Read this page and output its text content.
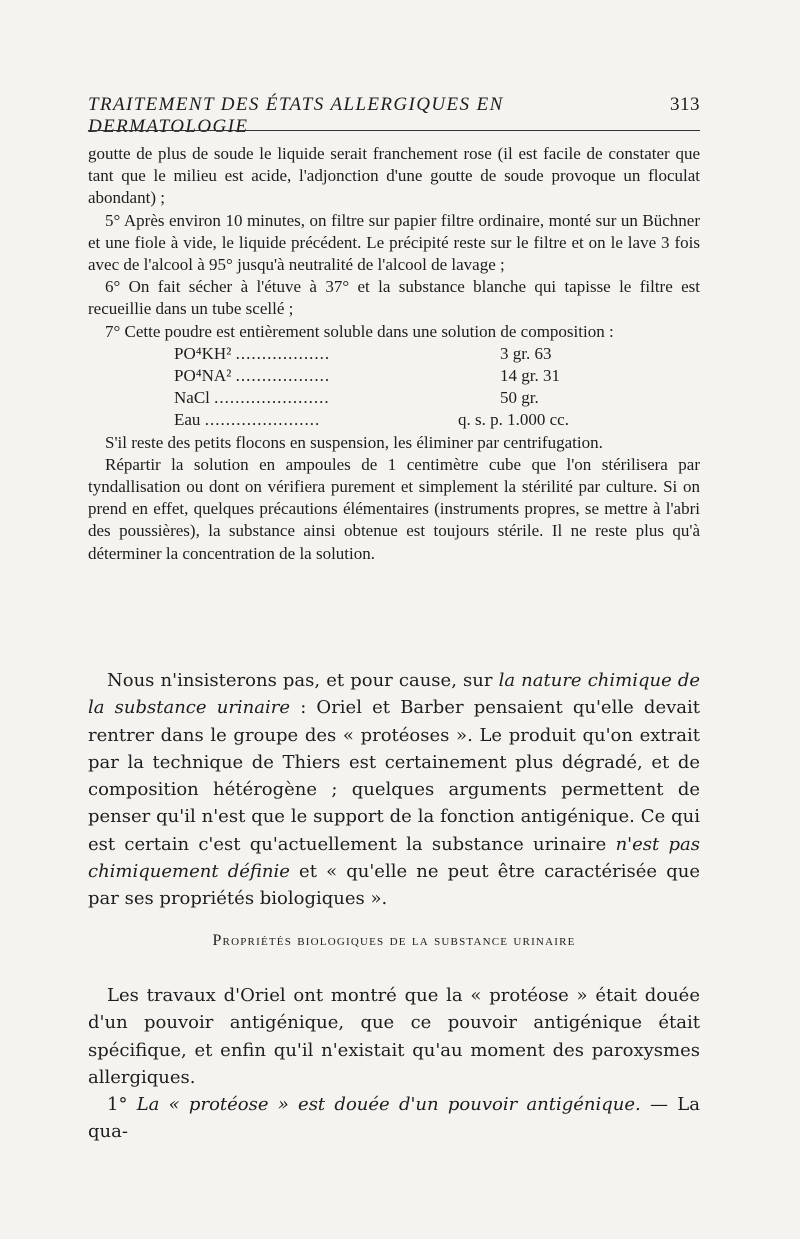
TRAITEMENT DES ÉTATS ALLERGIQUES EN DERMATOLOGIE
313

goutte de plus de soude le liquide serait franchement rose (il est facile de constater que tant que le milieu est acide, l'adjonction d'une goutte de soude provoque un floculat abondant) ;

5° Après environ 10 minutes, on filtre sur papier filtre ordinaire, monté sur un Büchner et une fiole à vide, le liquide précédent. Le précipité reste sur le filtre et on le lave 3 fois avec de l'alcool à 95° jusqu'à neutralité de l'alcool de lavage ;

6° On fait sécher à l'étuve à 37° et la substance blanche qui tapisse le filtre est recueillie dans un tube scellé ;

7° Cette poudre est entièrement soluble dans une solution de composition :

PO⁴KH² ..................	3 gr. 63
PO⁴NA² ..................	14 gr. 31
NaCl ......................	50 gr.
Eau ......................	q. s. p. 1.000 cc.

S'il reste des petits flocons en suspension, les éliminer par centrifugation.

Répartir la solution en ampoules de 1 centimètre cube que l'on stérilisera par tyndallisation ou dont on vérifiera purement et simplement la stérilité par culture. Si on prend en effet, quelques précautions élémentaires (instruments propres, se mettre à l'abri des poussières), la substance ainsi obtenue est toujours stérile. Il ne reste plus qu'à déterminer la concentration de la solution.

Nous n'insisterons pas, et pour cause, sur la nature chimique de la substance urinaire : Oriel et Barber pensaient qu'elle devait rentrer dans le groupe des « protéoses ». Le produit qu'on extrait par la technique de Thiers est certainement plus dégradé, et de composition hétérogène ; quelques arguments permettent de penser qu'il n'est que le support de la fonction antigénique. Ce qui est certain c'est qu'actuellement la substance urinaire n'est pas chimiquement définie et « qu'elle ne peut être caractérisée que par ses propriétés biologiques ».

Propriétés biologiques de la substance urinaire

Les travaux d'Oriel ont montré que la « protéose » était douée d'un pouvoir antigénique, que ce pouvoir antigénique était spécifique, et enfin qu'il n'existait qu'au moment des paroxysmes allergiques.

1° La « protéose » est douée d'un pouvoir antigénique. — La qua-
